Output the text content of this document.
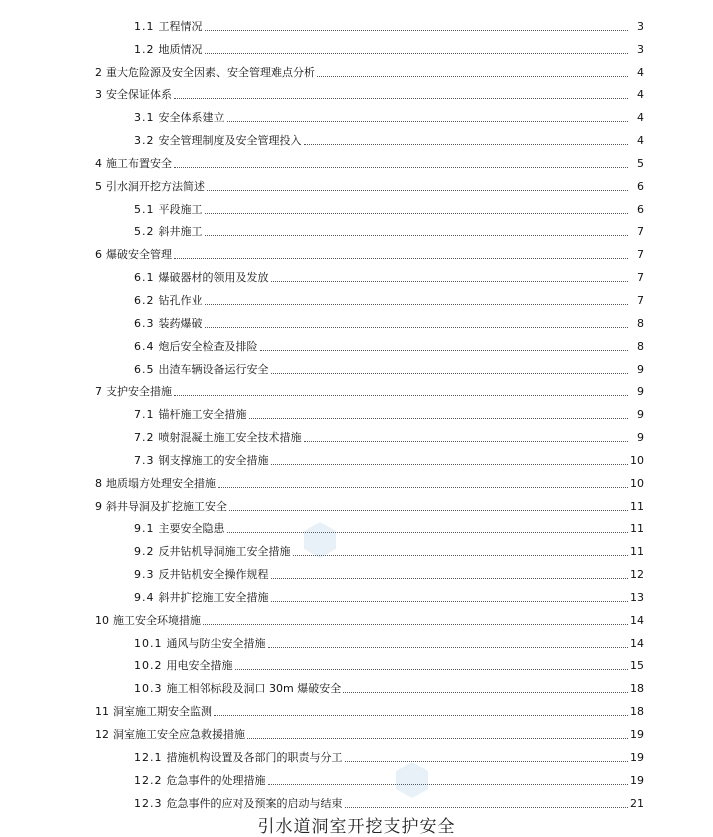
1.1 工程情况	3
1.2 地质情况	3
2 重大危险源及安全因素、安全管理难点分析	4
3 安全保证体系	4
3.1 安全体系建立	4
3.2 安全管理制度及安全管理投入	4
4 施工布置安全	5
5 引水洞开挖方法简述	6
5.1 平段施工	6
5.2 斜井施工	7
6 爆破安全管理	7
6.1 爆破器材的领用及发放	7
6.2 钻孔作业	7
6.3 装药爆破	8
6.4 炮后安全检查及排险	8
6.5 出渣车辆设备运行安全	9
7 支护安全措施	9
7.1 锚杆施工安全措施	9
7.2 喷射混凝土施工安全技术措施	9
7.3 钢支撑施工的安全措施	10
8 地质塌方处理安全措施	10
9 斜井导洞及扩挖施工安全	11
9.1 主要安全隐患	11
9.2 反井钻机导洞施工安全措施	11
9.3 反井钻机安全操作规程	12
9.4 斜井扩挖施工安全措施	13
10 施工安全环境措施	14
10.1 通风与防尘安全措施	14
10.2 用电安全措施	15
10.3 施工相邻标段及洞口 30m 爆破安全	18
11 洞室施工期安全监测	18
12 洞室施工安全应急救援措施	19
12.1 措施机构设置及各部门的职责与分工	19
12.2 危急事件的处理措施	19
12.3 危急事件的应对及预案的启动与结束	21
引水道洞室开挖支护安全
